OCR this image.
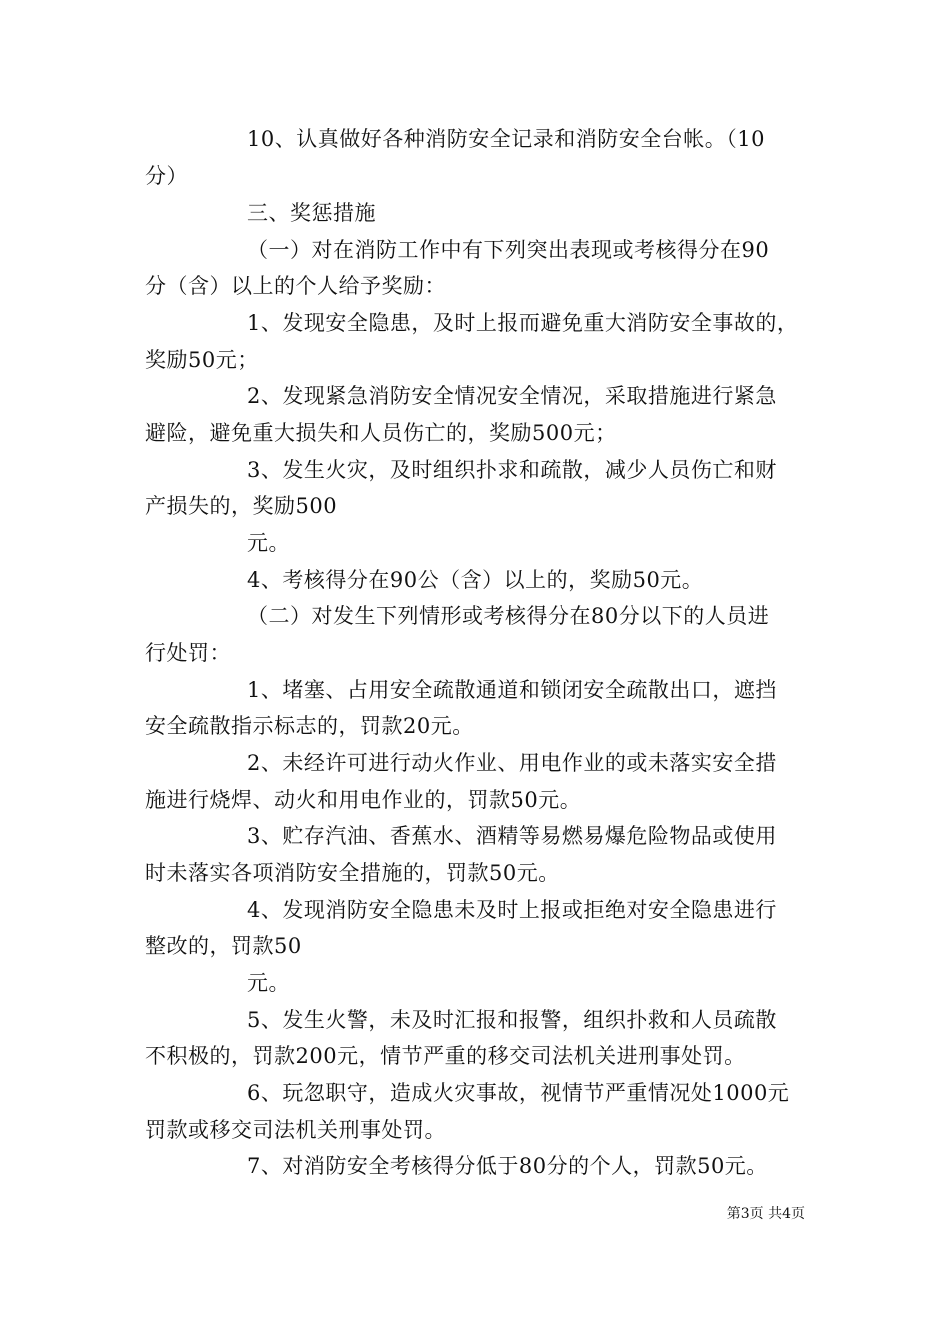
10、认真做好各种消防安全记录和消防安全台帐。（10
分）
三、奖惩措施
（一）对在消防工作中有下列突出表现或考核得分在90
分（含）以上的个人给予奖励：
1、发现安全隐患，及时上报而避免重大消防安全事故的，
奖励50元；
2、发现紧急消防安全情况安全情况，采取措施进行紧急
避险，避免重大损失和人员伤亡的，奖励500元；
3、发生火灾，及时组织扑求和疏散，减少人员伤亡和财
产损失的，奖励500
元。
4、考核得分在90公（含）以上的，奖励50元。
（二）对发生下列情形或考核得分在80分以下的人员进
行处罚：
1、堵塞、占用安全疏散通道和锁闭安全疏散出口，遮挡
安全疏散指示标志的，罚款20元。
2、未经许可进行动火作业、用电作业的或未落实安全措
施进行烧焊、动火和用电作业的，罚款50元。
3、贮存汽油、香蕉水、酒精等易燃易爆危险物品或使用
时未落实各项消防安全措施的，罚款50元。
4、发现消防安全隐患未及时上报或拒绝对安全隐患进行
整改的，罚款50
元。
5、发生火警，未及时汇报和报警，组织扑救和人员疏散
不积极的，罚款200元，情节严重的移交司法机关进刑事处罚。
6、玩忽职守，造成火灾事故，视情节严重情况处1000元
罚款或移交司法机关刑事处罚。
7、对消防安全考核得分低于80分的个人，罚款50元。
第3页 共4页
